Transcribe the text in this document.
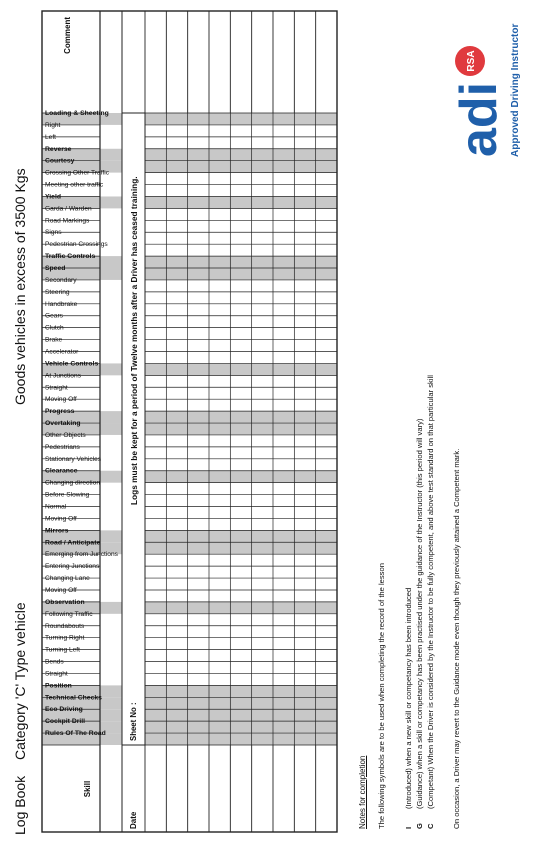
Log Book
Category 'C' Type vehicle
Goods vehicles in excess of 3500 Kgs
Rules Of The Road
Cockpit Drill
Eco Driving
Technical Checks
Position
Straight
Bends
Turning Left
Turning Right
Roundabouts
Following Traffic
Observation
Moving Off
Changing Lane
Entering Junctions
Emerging from Junctions
Road / Anticipate
Mirrors
Moving Off
Normal
Before Slowing
Changing direction
Clearance
Stationary Vehicles
Pedestrians
Other Objects
Overtaking
Progress
Moving Off
Straight
At Junctions
Vehicle Controls
Accelerator
Brake
Clutch
Gears
Handbrake
Steering
Secondary
Speed
Traffic Controls
Pedestrian Crossings
Signs
Road Markings
Garda / Warden
Yield
Meeting other traffic
Crossing Other Traffic
Courtesy
Reverse
Left
Right
Loading & Sheeting
Skill
Comment
Date
Sheet No :
Logs must be kept for a period of Twelve months after a Driver has ceased training.
Notes for completion The following symbols are to be used when completing the record of the lesson I
(Introduced) when a new skill or competancy has been introduced
G
(Guidance) when a skill or competancy has been practised under the guidance of the Instructor (this period will vary)
C
(Competant) When the Driver is considered by the Instructor to be fully competent, and above test standard on that particular skill On occasion, a Driver may revert to the Guidance mode even though they previously attained a Competent mark.
adi
RSA	Approved Driving Instructor
